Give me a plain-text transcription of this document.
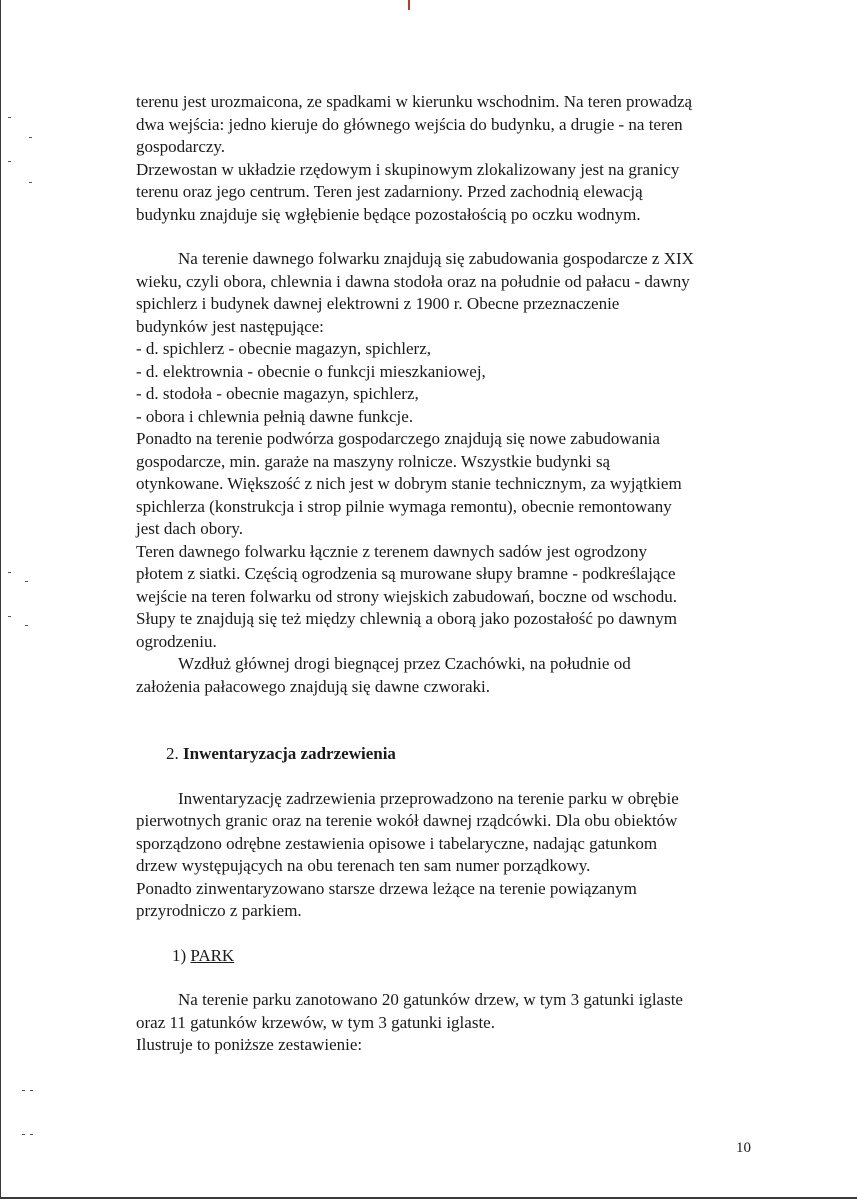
terenu jest urozmaicona, ze spadkami w kierunku wschodnim. Na teren prowadzą
dwa wejścia: jedno kieruje do głównego wejścia do budynku, a drugie - na teren
gospodarczy.
Drzewostan w układzie rzędowym i skupinowym zlokalizowany jest na granicy
terenu oraz jego centrum. Teren jest zadarniony. Przed zachodnią elewacją
budynku znajduje się wgłębienie będące pozostałością po oczku wodnym.
Na terenie dawnego folwarku znajdują się zabudowania gospodarcze z XIX
wieku, czyli obora, chlewnia i dawna stodoła oraz na południe od pałacu - dawny
spichlerz i budynek dawnej elektrowni z 1900 r. Obecne przeznaczenie
budynków jest następujące:
- d. spichlerz - obecnie magazyn, spichlerz,
- d. elektrownia - obecnie o funkcji mieszkaniowej,
- d. stodoła - obecnie magazyn, spichlerz,
- obora i chlewnia pełnią dawne funkcje.
Ponadto na terenie podwórza gospodarczego znajdują się nowe zabudowania
gospodarcze, min. garaże na maszyny rolnicze. Wszystkie budynki są
otynkowane. Większość z nich jest w dobrym stanie technicznym, za wyjątkiem
spichlerza (konstrukcja i strop pilnie wymaga remontu), obecnie remontowany
jest dach obory.
Teren dawnego folwarku łącznie z terenem dawnych sadów jest ogrodzony
płotem z siatki. Częścią ogrodzenia są murowane słupy bramne - podkreślające
wejście na teren folwarku od strony wiejskich zabudowań, boczne od wschodu.
Słupy te znajdują się też między chlewnią a oborą jako pozostałość po dawnym
ogrodzeniu.
Wzdłuż głównej drogi biegnącej przez Czachówki, na południe od
założenia pałacowego znajdują się dawne czworaki.
2. Inwentaryzacja zadrzewienia
Inwentaryzację zadrzewienia przeprowadzono na terenie parku w obrębie
pierwotnych granic oraz na terenie wokół dawnej rządcówki. Dla obu obiektów
sporządzono odrębne zestawienia opisowe i tabelaryczne, nadając gatunkom
drzew występujących na obu terenach ten sam numer porządkowy.
Ponadto zinwentaryzowano starsze drzewa leżące na terenie powiązanym
przyrodniczo z parkiem.
1) PARK
Na terenie parku zanotowano 20 gatunków drzew, w tym 3 gatunki iglaste
oraz 11 gatunków krzewów, w tym 3 gatunki iglaste.
Ilustruje to poniższe zestawienie:
10
